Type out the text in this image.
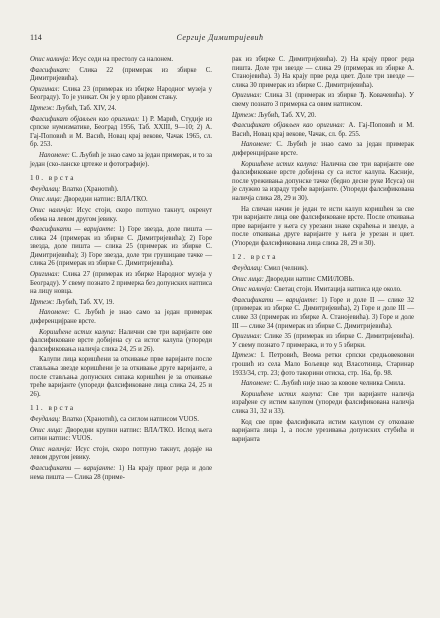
114	Сергије Димитријевић

Опис наличја: Исус седи на престолу са налонем.

Фалсификат: Слика 22 (примерак из збирке С. Димитријевића).

Оригинал: Слика 23 (примерак из збирке Народног музеја у Београду). То је уникат. Он је у врло рђавом стању.

Цртеж: Љубић, Таб. XIV, 24.

Фалсификат објављен као оригинал: 1) Р. Марић, Студије из српске нумизматике, Београд 1956, Таб. XXIII, 9—10; 2) А. Гај-Поповић и М. Васић, Новац крај векове, Чачак 1965, сл. бр. 253.

Напомене: С. Љубић је знао само за један примерак, и то за један (ско-ланске цртеже и фотографије).

10. врста

Феудалац: Влатко (Хранотић).

Опис лица: Дворедни натпис: ВЛА/ТКО.

Опис наличја: Исус стоји, скоро потпуно такнут, окренут обема на левом другом јевику.

Фалсификати — варијанте: 1) Горе звезда, доле пишта — слика 24 (примерак из збирке С. Димитријевића); 2) Горе звезда, доле пишта — слика 25 (примерак из збирке С. Димитријевића); 3) Горе звезда, доле три грушицаве тачке — слика 26 (примерак из збирке С. Димитријевића).

Оригинал: Слика 27 (примерак из збирке Народног музеја у Београду). У свему познато 2 примерка без допунских натписа на лицу новца.

Цртеж: Љубић, Таб. XV, 19.

Напомене: С. Љубић је знао само за један примерак диференцијране врсте.

Коришћене истих калупа: Налични све три варијанте ове фалсификоване врсте добијена су са истог калупа (упореди фалсификовања наличја слика 24, 25 и 26).

Калупи лица коришћени за откивање прве варијанте после стављања звезде коришћени је за откивање друге варијанте, а после стављања допунских сипака коришћен је за откивање треће варијанте (упореди фалсификоване лица слика 24, 25 и 26).

11. врста

Феудалац: Влатко (Хранотић), са сиглом натписом VUOS.

Опис лица: Дворедни крупни натпис: ВЛА/ТКО. Испод њега ситни натпис: VUOS.

Опис наличја: Исус стоји, скоро потпуно такнут, додаје на левом другом јевику.

Фалсификати — варијанте: 1) На крају првог реда и доле нема пишта — Слика 28 (приме-

рак из збирке С. Димитријевића). 2) На крају првог реда пишта. Доле три звезде — слика 29 (примерак из збирке А. Станојевића). 3) На крају прве реда цвет. Доле три звезде — слика 30 примерак из збирке С. Димитријевића).

Оригинал: Слика 31 (примерак из збирке Ђ. Ковачевића). У свему познато 3 примерка са овим натписом.

Цртеж: Љубић, Таб. XV, 20.

Фалсификат објављен као оригинал: А. Гај-Поповић и М. Васић, Новац крај векове, Чачак, сл. бр. 255.

Напомене: С. Љубић је знао само за један примерак диференцијране врсте.

Коришћене истих калупа: Налична све три варијанте ове фалсификоване врсте добијена су са истог калупа. Касније, после уреживања допунске тачке (бедно десне руке Исуса) он је служио за израду треће варијанте. (Упореди фалсификована наличја слика 28, 29 и 30).

На сличан начин је један те исти калуп коришћен за све три варијанте лица ове фалсификоване врсте. После откивања прве варијанте у њега су урезани знаке скраћења и звезде, а после откивања друге варијанте у њега је урезан и цвет. (Упореди фалсификована лица слика 28, 29 и 30).

12. врста

Феудалац: Смил (челник).

Опис лица: Дворедни натпис СМИ/ЛОВЬ.

Опис наличја: Светац стоји. Имитација натписа иде около.

Фалсификати — варијанте: 1) Горе и доле II — слике 32 (примерак из збирке С. Димитријевића), 2) Горе и доле III — слике 33 (примерак из збирке А. Станојевића). 3) Горе и доле III — слике 34 (примерак из збирке С. Димитријевића).

Оригинал: Слике 35 (примерак из збирке С. Димитријевића). У свему познато 7 примерака, и то у 5 збирки.

Цртеж: I. Петровић, Веома ретки српски средњовековни грошић из села Мало Бољевце код Власотинца, Старинар 1933/34, стр. 23; фото такорини отиска, стр. 16а, бр. 98.

Напомене: С. Љубић није знао за ковове челника Смила.

Коришћене истих калупа: Све три варијанте наличја израђене су истим калупом (упореди фалсификована наличја слика 31, 32 и 33).

Код све прве фалсификата истим калупом су отковане варијанта лица 1, а после урезивања допунских стубића и варијанта
